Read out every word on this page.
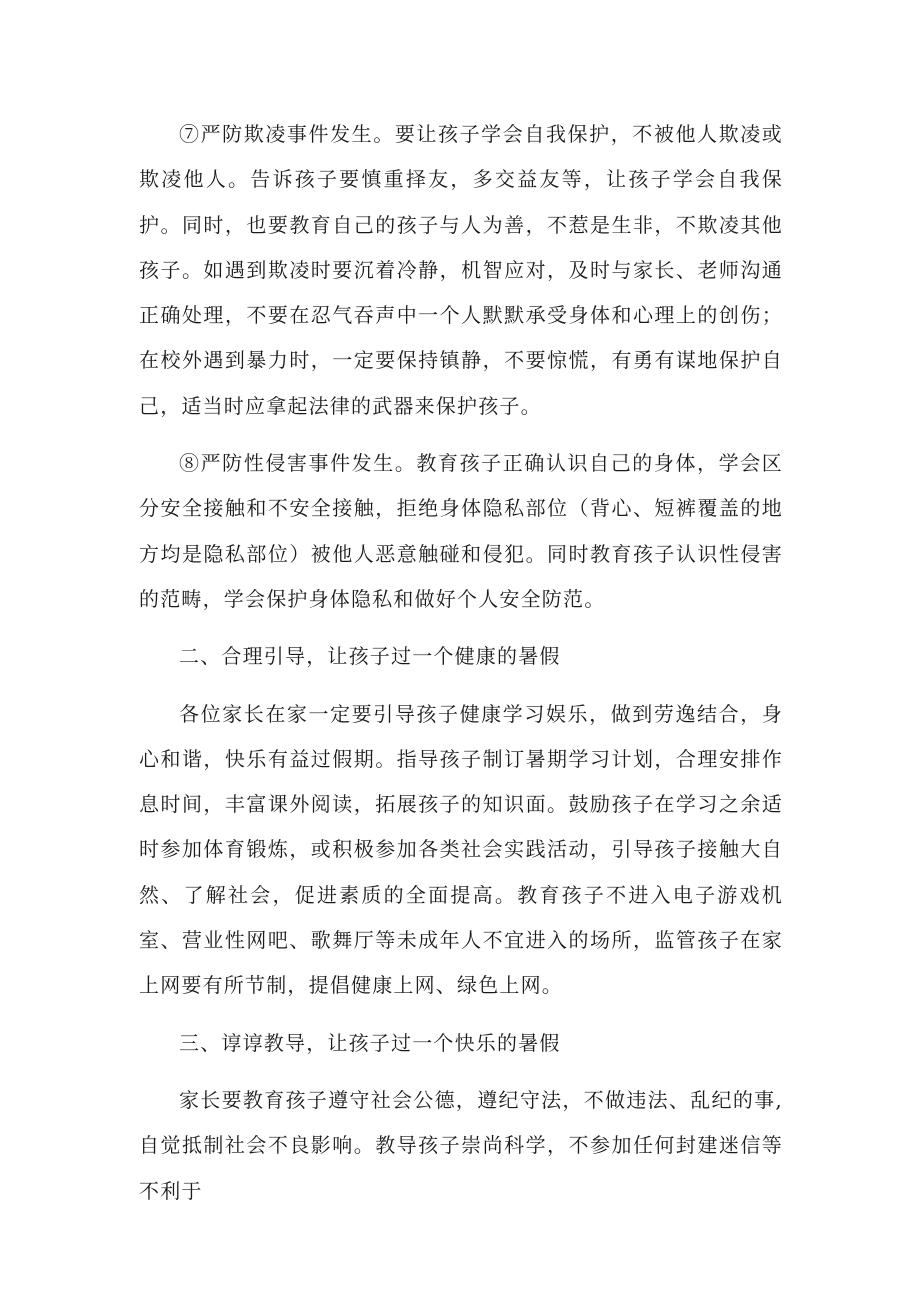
⑦严防欺凌事件发生。要让孩子学会自我保护，不被他人欺凌或欺凌他人。告诉孩子要慎重择友，多交益友等，让孩子学会自我保护。同时，也要教育自己的孩子与人为善，不惹是生非，不欺凌其他孩子。如遇到欺凌时要沉着冷静，机智应对，及时与家长、老师沟通正确处理，不要在忍气吞声中一个人默默承受身体和心理上的创伤；在校外遇到暴力时，一定要保持镇静，不要惊慌，有勇有谋地保护自己，适当时应拿起法律的武器来保护孩子。

⑧严防性侵害事件发生。教育孩子正确认识自己的身体，学会区分安全接触和不安全接触，拒绝身体隐私部位（背心、短裤覆盖的地方均是隐私部位）被他人恶意触碰和侵犯。同时教育孩子认识性侵害的范畴，学会保护身体隐私和做好个人安全防范。

二、合理引导，让孩子过一个健康的暑假

各位家长在家一定要引导孩子健康学习娱乐，做到劳逸结合，身心和谐，快乐有益过假期。指导孩子制订暑期学习计划，合理安排作息时间，丰富课外阅读，拓展孩子的知识面。鼓励孩子在学习之余适时参加体育锻炼，或积极参加各类社会实践活动，引导孩子接触大自然、了解社会，促进素质的全面提高。教育孩子不进入电子游戏机室、营业性网吧、歌舞厅等未成年人不宜进入的场所，监管孩子在家上网要有所节制，提倡健康上网、绿色上网。

三、谆谆教导，让孩子过一个快乐的暑假

家长要教育孩子遵守社会公德，遵纪守法，不做违法、乱纪的事,自觉抵制社会不良影响。教导孩子崇尚科学，不参加任何封建迷信等不利于
